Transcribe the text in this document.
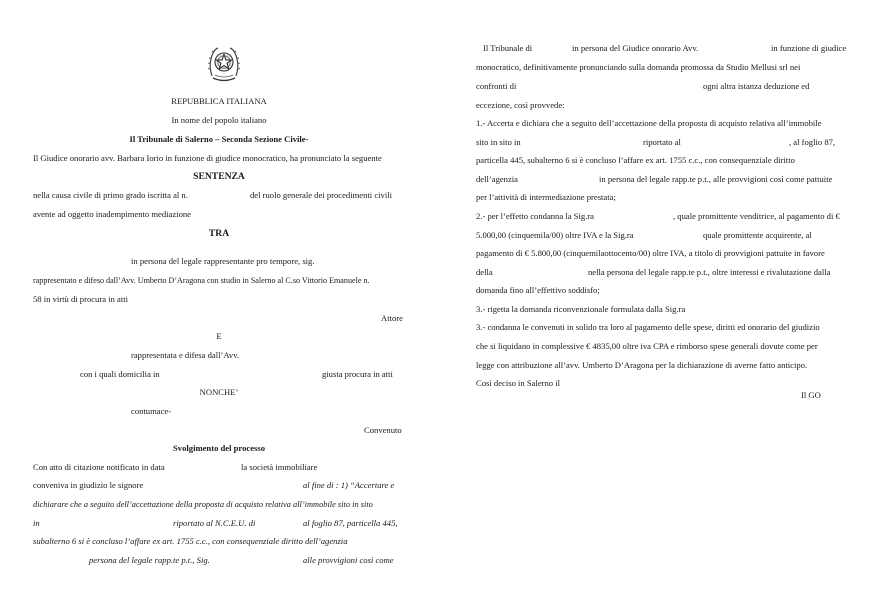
REPUBBLICA ITALIANA
In nome del popolo italiano
Il Tribunale di Salerno – Seconda Sezione Civile-
Il Giudice onorario avv. Barbara Iorio in funzione di giudice monocratico, ha pronunciato la seguente
SENTENZA
nella causa civile di primo grado iscritta al n.	del ruolo generale dei procedimenti civili
avente ad oggetto inadempimento mediazione
TRA
in persona del legale rappresentante pro tempore, sig.
rappresentato e difeso dall’Avv. Umberto D’Aragona con studio in Salerno al C.so Vittorio Emanuele n.
58 in virtù di procura in atti
Attore
E
rappresentata e difesa dall’Avv.
con i quali domicilia in	giusta procura in atti
NONCHE’
contumace-
Convenuto
Svolgimento del processo
Con atto di citazione notificato in data	la società immobiliare
conveniva in giudizio le signore	al fine di : 1) “Accertare e
dichiarare che a seguito dell’accettazione della proposta di acquisto relativa all’immobile sito in sito
in	riportato al N.C.E.U. di	al foglio 87, particella 445,
subalterno 6 si è concluso l’affare ex art. 1755 c.c., con consequenziale diritto dell’agenzia
persona del legale rapp.te p.t., Sig.	alle provvigioni così come
Il Tribunale di	in persona del Giudice onorario Avv.	in funzione di giudice
monocratico, definitivamente pronunciando sulla domanda promossa da Studio Mellusi srl nei
confronti di	ogni altra istanza deduzione ed
eccezione, così provvede:
1.- Accerta e dichiara che a seguito dell’accettazione della proposta di acquisto relativa all’immobile
sito in sito in	riportato al	, al foglio 87,
particella 445, subalterno 6 si è concluso l’affare ex art. 1755 c.c., con consequenziale diritto
dell’agenzia	in persona del legale rapp.te p.t., alle provvigioni così come pattuite
per l’attività di intermediazione prestata;
2.- per l’effetto condanna la Sig.ra	, quale promittente venditrice, al pagamento di €
5.000,00 (cinquemila/00) oltre IVA e la Sig.ra	quale promittente acquirente, al
pagamento di € 5.800,00 (cinquemilaottocento/00) oltre IVA, a titolo di provvigioni pattuite in favore
della	nella persona del legale rapp.te p.t., oltre interessi e rivalutazione dalla
domanda fino all’effettivo soddisfo;
3.- rigetta la domanda riconvenzionale formulata dalla Sig.ra
3.- condanna le convenuti in solido tra loro al pagamento delle spese, diritti ed onorario del giudizio
che si liquidano in complessive € 4835,00 oltre iva CPA e rimborso spese generali dovute come per
legge con attribuzione all’avv. Umberto D’Aragona per la dichiarazione di averne fatto anticipo.
Così deciso in Salerno il
Il GO
